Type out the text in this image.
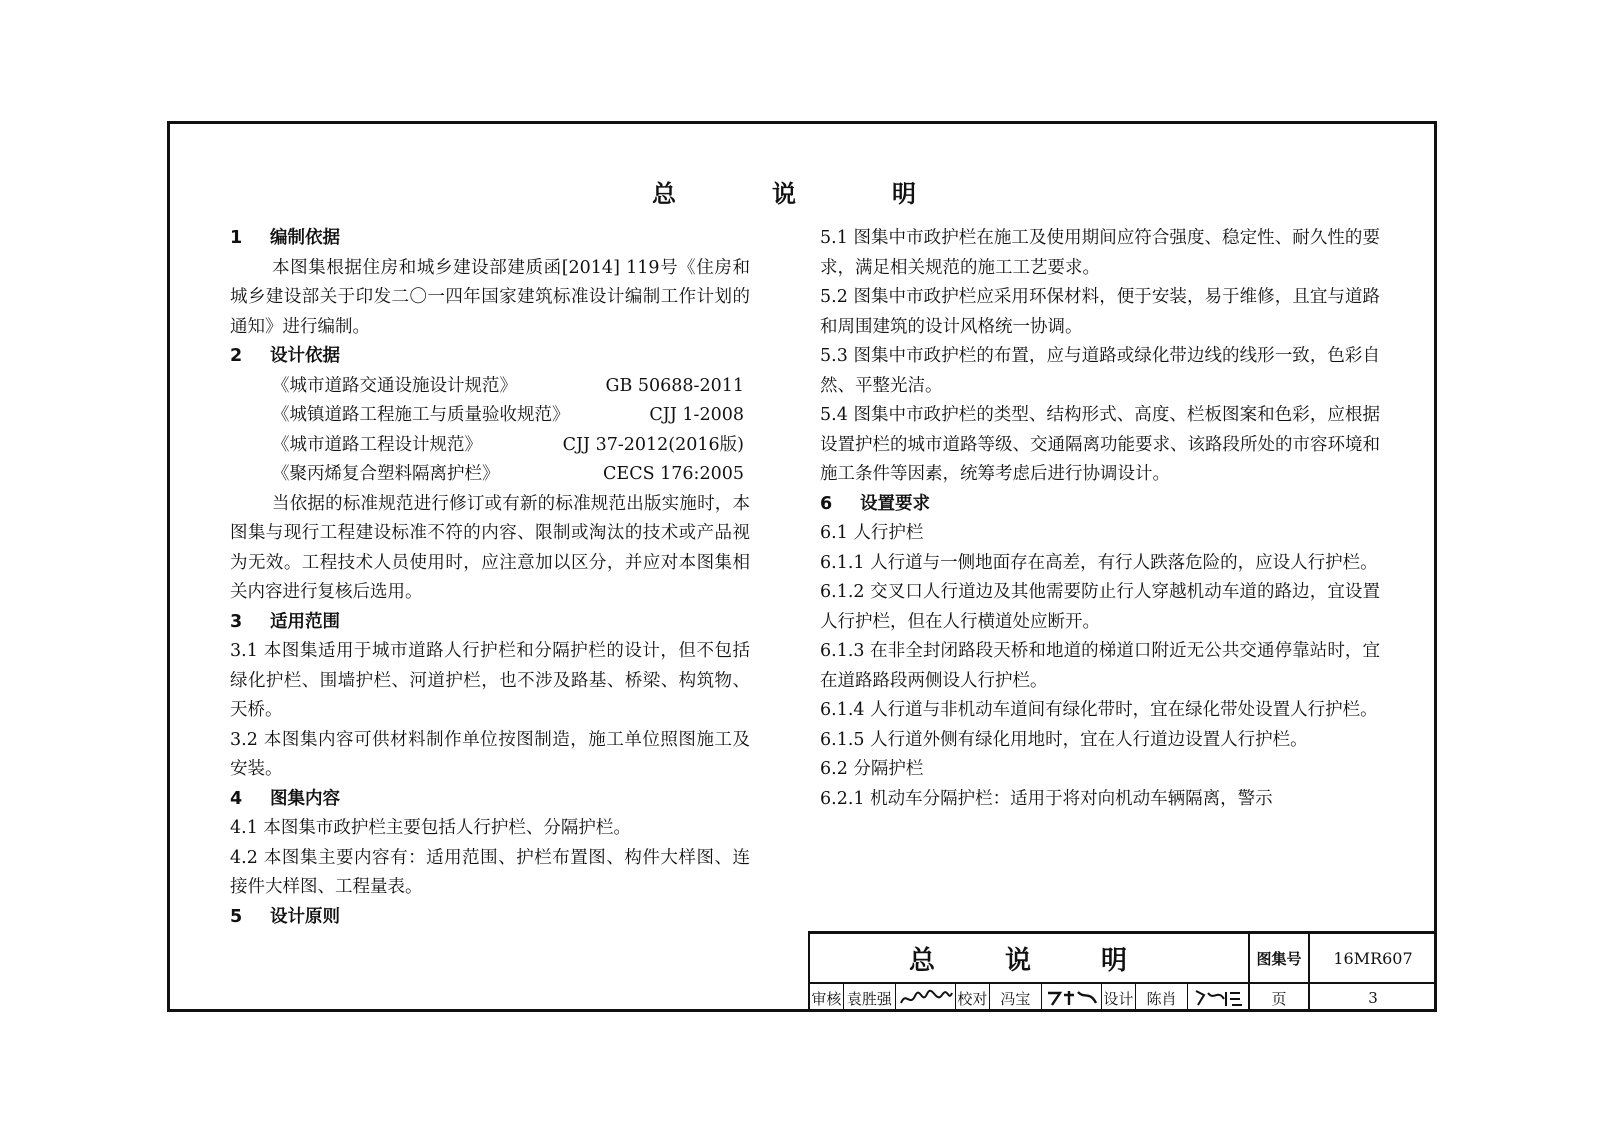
总　说　明
1 编制依据
本图集根据住房和城乡建设部建质函[2014] 119号《住房和城乡建设部关于印发二〇一四年国家建筑标准设计编制工作计划的通知》进行编制。
2 设计依据
《城市道路交通设施设计规范》	GB 50688-2011
《城镇道路工程施工与质量验收规范》	CJJ 1-2008
《城市道路工程设计规范》	CJJ 37-2012(2016版)
《聚丙烯复合塑料隔离护栏》	CECS 176:2005
当依据的标准规范进行修订或有新的标准规范出版实施时，本图集与现行工程建设标准不符的内容、限制或淘汰的技术或产品视为无效。工程技术人员使用时，应注意加以区分，并应对本图集相关内容进行复核后选用。
3 适用范围
3.1 本图集适用于城市道路人行护栏和分隔护栏的设计，但不包括绿化护栏、围墙护栏、河道护栏，也不涉及路基、桥梁、构筑物、天桥。
3.2 本图集内容可供材料制作单位按图制造，施工单位照图施工及安装。
4 图集内容
4.1 本图集市政护栏主要包括人行护栏、分隔护栏。
4.2 本图集主要内容有：适用范围、护栏布置图、构件大样图、连接件大样图、工程量表。
5 设计原则
5.1 图集中市政护栏在施工及使用期间应符合强度、稳定性、耐久性的要求，满足相关规范的施工工艺要求。
5.2 图集中市政护栏应采用环保材料，便于安装，易于维修，且宜与道路和周围建筑的设计风格统一协调。
5.3 图集中市政护栏的布置，应与道路或绿化带边线的线形一致，色彩自然、平整光洁。
5.4 图集中市政护栏的类型、结构形式、高度、栏板图案和色彩，应根据设置护栏的城市道路等级、交通隔离功能要求、该路段所处的市容环境和施工条件等因素，统筹考虑后进行协调设计。
6 设置要求
6.1 人行护栏
6.1.1 人行道与一侧地面存在高差，有行人跌落危险的，应设人行护栏。
6.1.2 交叉口人行道边及其他需要防止行人穿越机动车道的路边，宜设置人行护栏，但在人行横道处应断开。
6.1.3 在非全封闭路段天桥和地道的梯道口附近无公共交通停靠站时，宜在道路路段两侧设人行护栏。
6.1.4 人行道与非机动车道间有绿化带时，宜在绿化带处设置人行护栏。
6.1.5 人行道外侧有绿化用地时，宜在人行道边设置人行护栏。
6.2 分隔护栏
6.2.1 机动车分隔护栏：适用于将对向机动车辆隔离，警示
总　说　明	图集号	16MR607
审核 袁胜强	校对 冯宝	设计 陈肖	页	3
